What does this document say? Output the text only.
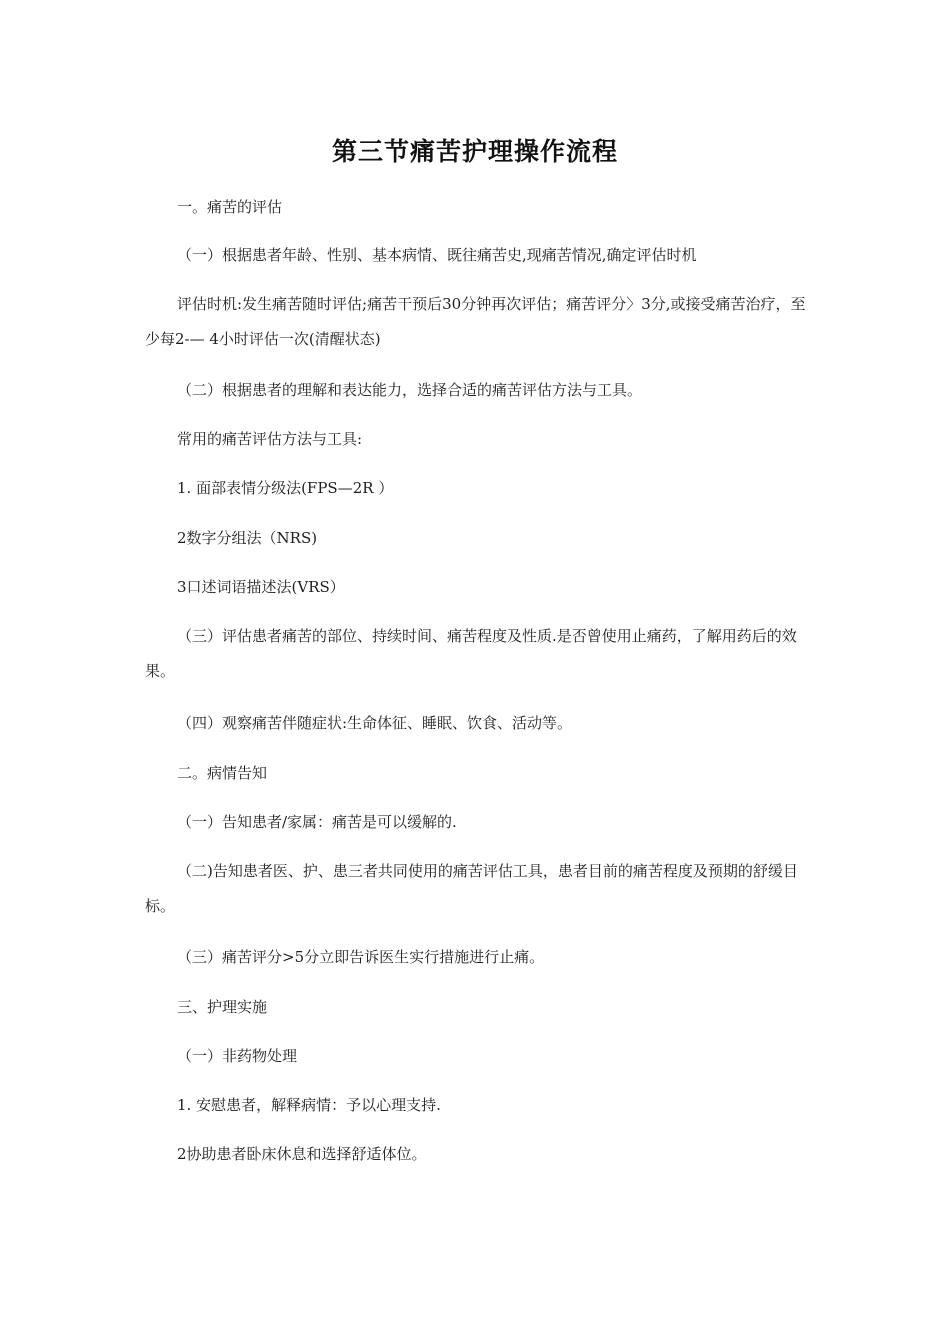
第三节痛苦护理操作流程
一。痛苦的评估
（一）根据患者年龄、性别、基本病情、既往痛苦史,现痛苦情况,确定评估时机
评估时机:发生痛苦随时评估;痛苦干预后30分钟再次评估；痛苦评分〉3分,或接受痛苦治疗，至少每2-— 4小时评估一次(清醒状态)
（二）根据患者的理解和表达能力，选择合适的痛苦评估方法与工具。
常用的痛苦评估方法与工具:
1. 面部表情分级法(FPS—2R ）
2数字分组法（NRS)
3口述词语描述法(VRS）
（三）评估患者痛苦的部位、持续时间、痛苦程度及性质.是否曾使用止痛药，了解用药后的效果。
（四）观察痛苦伴随症状:生命体征、睡眠、饮食、活动等。
二。病情告知
（一）告知患者/家属：痛苦是可以缓解的.
（二)告知患者医、护、患三者共同使用的痛苦评估工具，患者目前的痛苦程度及预期的舒缓目标。
（三）痛苦评分>5分立即告诉医生实行措施进行止痛。
三、护理实施
（一）非药物处理
1. 安慰患者，解释病情：予以心理支持.
2协助患者卧床休息和选择舒适体位。
